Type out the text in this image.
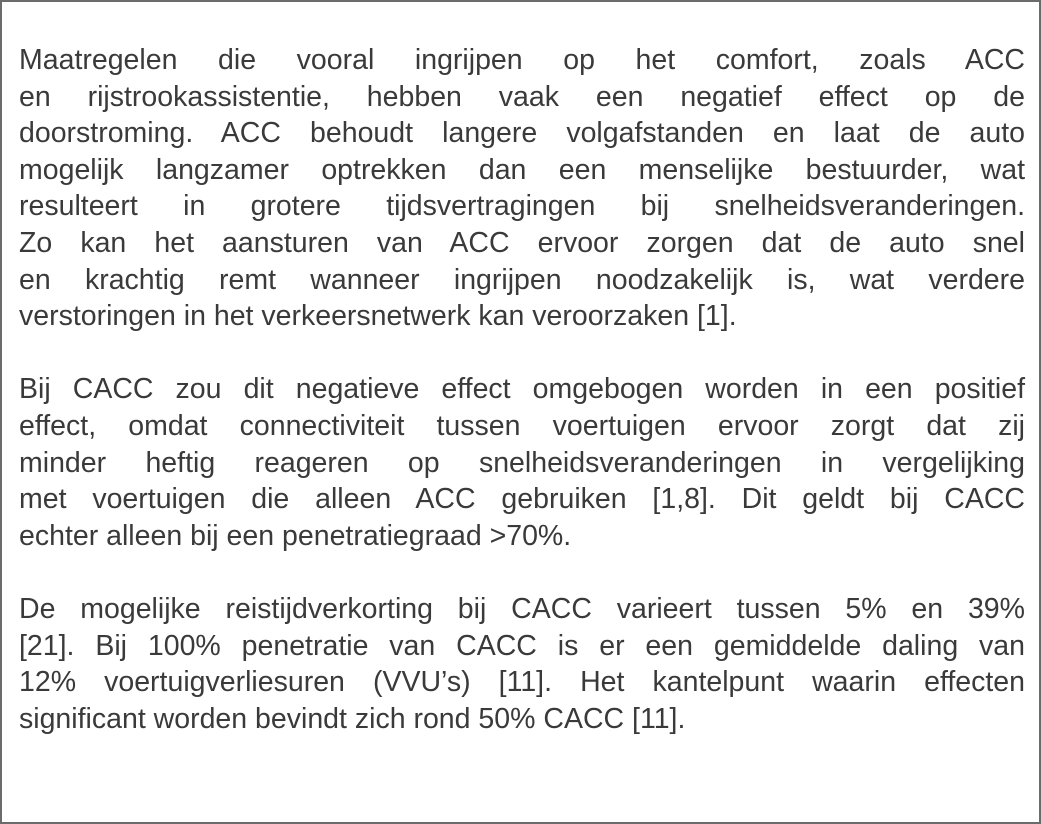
Maatregelen die vooral ingrijpen op het comfort, zoals ACC
en rijstrookassistentie, hebben vaak een negatief effect op de
doorstroming. ACC behoudt langere volgafstanden en laat de auto
mogelijk langzamer optrekken dan een menselijke bestuurder, wat
resulteert in grotere tijdsvertragingen bij snelheidsveranderingen.
Zo kan het aansturen van ACC ervoor zorgen dat de auto snel
en krachtig remt wanneer ingrijpen noodzakelijk is, wat verdere
verstoringen in het verkeersnetwerk kan veroorzaken [1].

Bij CACC zou dit negatieve effect omgebogen worden in een positief
effect, omdat connectiviteit tussen voertuigen ervoor zorgt dat zij
minder heftig reageren op snelheidsveranderingen in vergelijking
met voertuigen die alleen ACC gebruiken [1,8]. Dit geldt bij CACC
echter alleen bij een penetratiegraad >70%.

De mogelijke reistijdverkorting bij CACC varieert tussen 5% en 39%
[21]. Bij 100% penetratie van CACC is er een gemiddelde daling van
12% voertuigverliesuren (VVU’s) [11]. Het kantelpunt waarin effecten
significant worden bevindt zich rond 50% CACC [11].
